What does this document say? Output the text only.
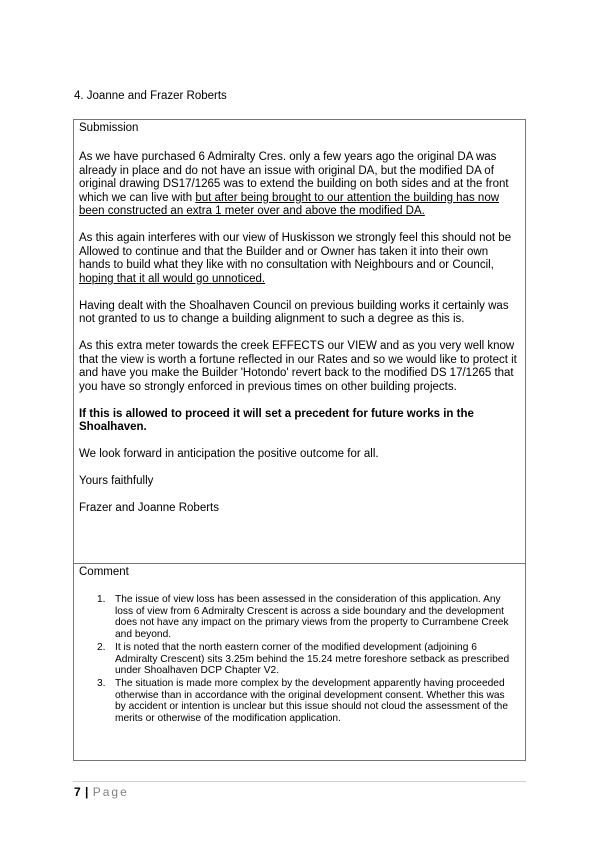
4. Joanne and Frazer Roberts
Submission

As we have purchased 6 Admiralty Cres. only a few years ago the original DA was already in place and do not have an issue with original DA, but the modified DA of original drawing DS17/1265 was to extend the building on both sides and at the front which we can live with but after being brought to our attention the building has now been constructed an extra 1 meter over and above the modified DA.

As this again interferes with our view of Huskisson we strongly feel this should not be Allowed to continue and that the Builder and or Owner has taken it into their own hands to build what they like with no consultation with Neighbours and or Council, hoping that it all would go unnoticed.

Having dealt with the Shoalhaven Council on previous building works it certainly was not granted to us to change a building alignment to such a degree as this is.

As this extra meter towards the creek EFFECTS our VIEW and as you very well know that the view is worth a fortune reflected in our Rates and so we would like to protect it and have you make the Builder 'Hotondo' revert back to the modified DS 17/1265 that you have so strongly enforced in previous times on other building projects.

If this is allowed to proceed it will set a precedent for future works in the Shoalhaven.

We look forward in anticipation the positive outcome for all.

Yours faithfully

Frazer and Joanne Roberts

Comment
1. The issue of view loss has been assessed in the consideration of this application. Any loss of view from 6 Admiralty Crescent is across a side boundary and the development does not have any impact on the primary views from the property to Currambene Creek and beyond.
2. It is noted that the north eastern corner of the modified development (adjoining 6 Admiralty Crescent) sits 3.25m behind the 15.24 metre foreshore setback as prescribed under Shoalhaven DCP Chapter V2.
3. The situation is made more complex by the development apparently having proceeded otherwise than in accordance with the original development consent. Whether this was by accident or intention is unclear but this issue should not cloud the assessment of the merits or otherwise of the modification application.
7 | Page
